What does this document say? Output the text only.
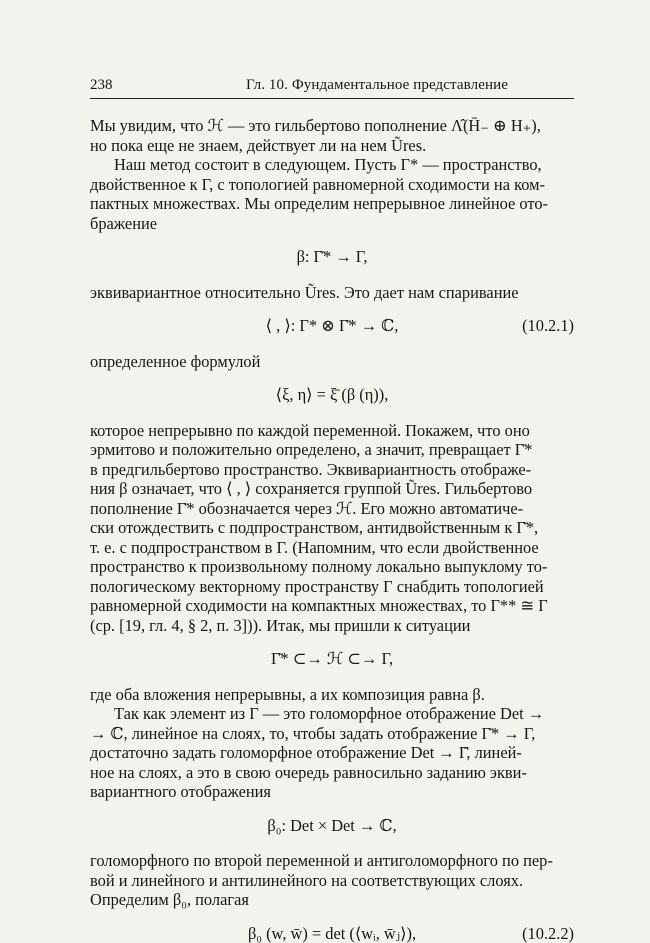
238	Гл. 10. Фундаментальное представление

Мы увидим, что ℋ — это гильбертово пополнение Λ̂(H̄₋ ⊕ H₊),
но пока еще не знаем, действует ли на нем Ũres.

Наш метод состоит в следующем. Пусть Γ* — пространство,
двойственное к Γ, с топологией равномерной сходимости на ком-
пактных множествах. Мы определим непрерывное линейное ото-
бражение

β: Γ̄* → Γ,

эквивариантное относительно Ũres. Это дает нам спаривание

⟨ , ⟩: Γ* ⊗ Γ̄* → ℂ,	(10.2.1)

определенное формулой

⟨ξ, η⟩ = ξ̄ (β (η)),

которое непрерывно по каждой переменной. Покажем, что оно
эрмитово и положительно определено, а значит, превращает Γ̄*
в предгильбертово пространство. Эквивариантность отображе-
ния β означает, что ⟨ , ⟩ сохраняется группой Ũres. Гильбертово
пополнение Γ̄* обозначается через ℋ. Его можно автоматиче-
ски отождествить с подпространством, антидвойственным к Γ̄*,
т. е. с подпространством в Γ. (Напомним, что если двойственное
пространство к произвольному полному локально выпуклому то-
пологическому векторному пространству Γ снабдить топологией
равномерной сходимости на компактных множествах, то Γ** ≅ Γ
(ср. [19, гл. 4, § 2, п. 3])). Итак, мы пришли к ситуации

Γ̄* ⊂→ ℋ ⊂→ Γ,

где оба вложения непрерывны, а их композиция равна β.

Так как элемент из Γ — это голоморфное отображение Det →
→ ℂ, линейное на слоях, то, чтобы задать отображение Γ̄* → Γ,
достаточно задать голоморфное отображение Det → Γ̄, линей-
ное на слоях, а это в свою очередь равносильно заданию экви-
вариантного отображения

β₀: Det × Det → ℂ,

голоморфного по второй переменной и антиголоморфного по пер-
вой и линейного и антилинейного на соответствующих слоях.
Определим β₀, полагая

β₀ (w, w̄) = det (⟨wᵢ, w̄ⱼ⟩),	(10.2.2)
